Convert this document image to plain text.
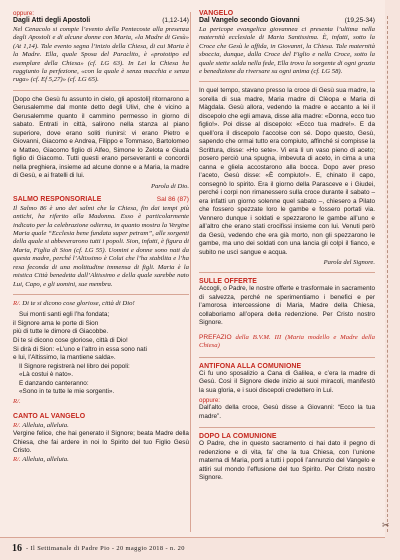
oppure:
Dagli Atti degli Apostoli	(1,12-14)

Nel Cenacolo si compie l’evento della Pentecoste alla presenza degli Apostoli e di alcune donne con Maria, «la Madre di Gesù» (At 1,14). Tale evento segna l’inizio della Chiesa, di cui Maria è la Madre. Ella, quale Sposa del Paraclito, è «prototipo ed esemplare della Chiesa» (cf. LG 63). In Lei la Chiesa ha raggiunto la perfezione, «con la quale è senza macchia e senza ruga» (cf. Ef 5,27)» (cf. LG 65).

[Dopo che Gesù fu assunto in cielo, gli apostoli] ritornarono a Gerusalemme dal monte detto degli Ulivi, che è vicino a Gerusalemme quanto il cammino permesso in giorno di sabato. Entrati in città, salirono nella stanza al piano superiore, dove erano soliti riunirsi: vi erano Pietro e Giovanni, Giacomo e Andrea, Filippo e Tommaso, Bartolomeo e Matteo, Giacomo figlio di Alfeo, Simone lo Zelota e Giuda figlio di Giacomo. Tutti questi erano perseveranti e concordi nella preghiera, insieme ad alcune donne e a Maria, la madre di Gesù, e ai fratelli di lui.

Parola di Dio.
SALMO RESPONSORIALE	Sal 86 (87)

Il Salmo 86 è uno dei salmi che la Chiesa, fin dai tempi più antichi, ha riferito alla Madonna. Esso è particolarmente indicato per la celebrazione odierna, in quanto mostra la Vergine Maria quale “Ecclesia bene fundata super petram”, alle sorgenti della quale si abbeverarono tutti i popoli. Sion, infatti, è figura di Maria, Figlia di Sion (cf. LG 55). Uomini e donne sono nati da questa madre, perché l’Altissimo è Colui che l’ha stabilita e l’ha resa feconda di una moltitudine immensa di figli. Maria è la mistica Città benedetta dall’Altissimo e della quale sarebbe nato Lui, Capo, e gli uomini, sue membra.

R/. Di te si dicono cose gloriose, città di Dio!
Sui monti santi egli l’ha fondata;
il Signore ama le porte di Sion
più di tutte le dimore di Giacobbe.
Di te si dicono cose gloriose, città di Dio!
Si dirà di Sion: «L’uno e l’altro in essa sono nati
e lui, l’Altissimo, la mantiene salda».
Il Signore registrerà nel libro dei popoli:
«Là costui è nato».
E danzando canteranno:
«Sono in te tutte le mie sorgenti».
R/.
CANTO AL VANGELO
R/. Alleluia, alleluia.

Vergine felice, che hai generato il Signore; beata Madre della Chiesa, che fai ardere in noi lo Spirito del tuo Figlio Gesù Cristo.

R/. Alleluia, alleluia.
VANGELO
Dal Vangelo secondo Giovanni	(19,25-34)

La pericope evangelica giovannea ci presenta l’ultima nella maternità ecclesiale di Maria Santissima. È, infatti, sotto la Croce che Gesù le affida, in Giovanni, la Chiesa. Tale maternità sboccia, dunque, dalla Croce del Figlio e nella Croce, sotto la quale stette salda nella fede, Ella trova la sorgente di ogni grazia e benedizione da riversare su ogni anima (cf. LG 58).

In quel tempo, stavano presso la croce di Gesù sua madre, la sorella di sua madre, Maria madre di Clèopa e Maria di Màgdala. Gesù allora, vedendo la madre e accanto a lei il discepolo che egli amava, disse alla madre: «Donna, ecco tuo figlio!». Poi disse al discepolo: «Ecco tua madre!». E da quell’ora il discepolo l’accolse con sé. Dopo questo, Gesù, sapendo che ormai tutto era compiuto, affinché si compisse la Scrittura, disse: «Ho sete». Vi era lì un vaso pieno di aceto; posero perciò una spugna, imbevuta di aceto, in cima a una canna e gliela accostarono alla bocca. Dopo aver preso l’aceto, Gesù disse: «È compiuto!». E, chinato il capo, consegnò lo spirito. Era il giorno della Parasceve e i Giudei, perché i corpi non rimanessero sulla croce durante il sabato – era infatti un giorno solenne quel sabato –, chiesero a Pilato che fossero spezzate loro le gambe e fossero portati via. Vennero dunque i soldati e spezzarono le gambe all’uno e all’altro che erano stati crocifissi insieme con lui. Venuti però da Gesù, vedendo che era già morto, non gli spezzarono le gambe, ma uno dei soldati con una lancia gli colpì il fianco, e subito ne uscì sangue e acqua.

Parola del Signore.
SULLE OFFERTE

Accogli, o Padre, le nostre offerte e trasformale in sacramento di salvezza, perché ne sperimentiamo i benefici e per l’amorosa intercessione di Maria, Madre della Chiesa, collaboriamo all’opera della redenzione. Per Cristo nostro Signore.

PREFAZIO della B.V.M. III (Maria modello e Madre della Chiesa)

ANTIFONA ALLA COMUNIONE

Ci fu uno sposalizio a Cana di Galilea, e c’era la madre di Gesù. Così il Signore diede inizio ai suoi miracoli, manifestò la sua gloria, e i suoi discepoli credettero in Lui.

oppure:

Dall’alto della croce, Gesù disse a Giovanni: “Ecco la tua madre”.

DOPO LA COMUNIONE

O Padre, che in questo sacramento ci hai dato il pegno di redenzione e di vita, fa’ che la tua Chiesa, con l’unione materna di Maria, porti a tutti i popoli l’annunzio del Vangelo e attiri sul mondo l’effusione del tuo Spirito. Per Cristo nostro Signore.

✂
16 - Il Settimanale di Padre Pio - 20 maggio 2018 - n. 20
